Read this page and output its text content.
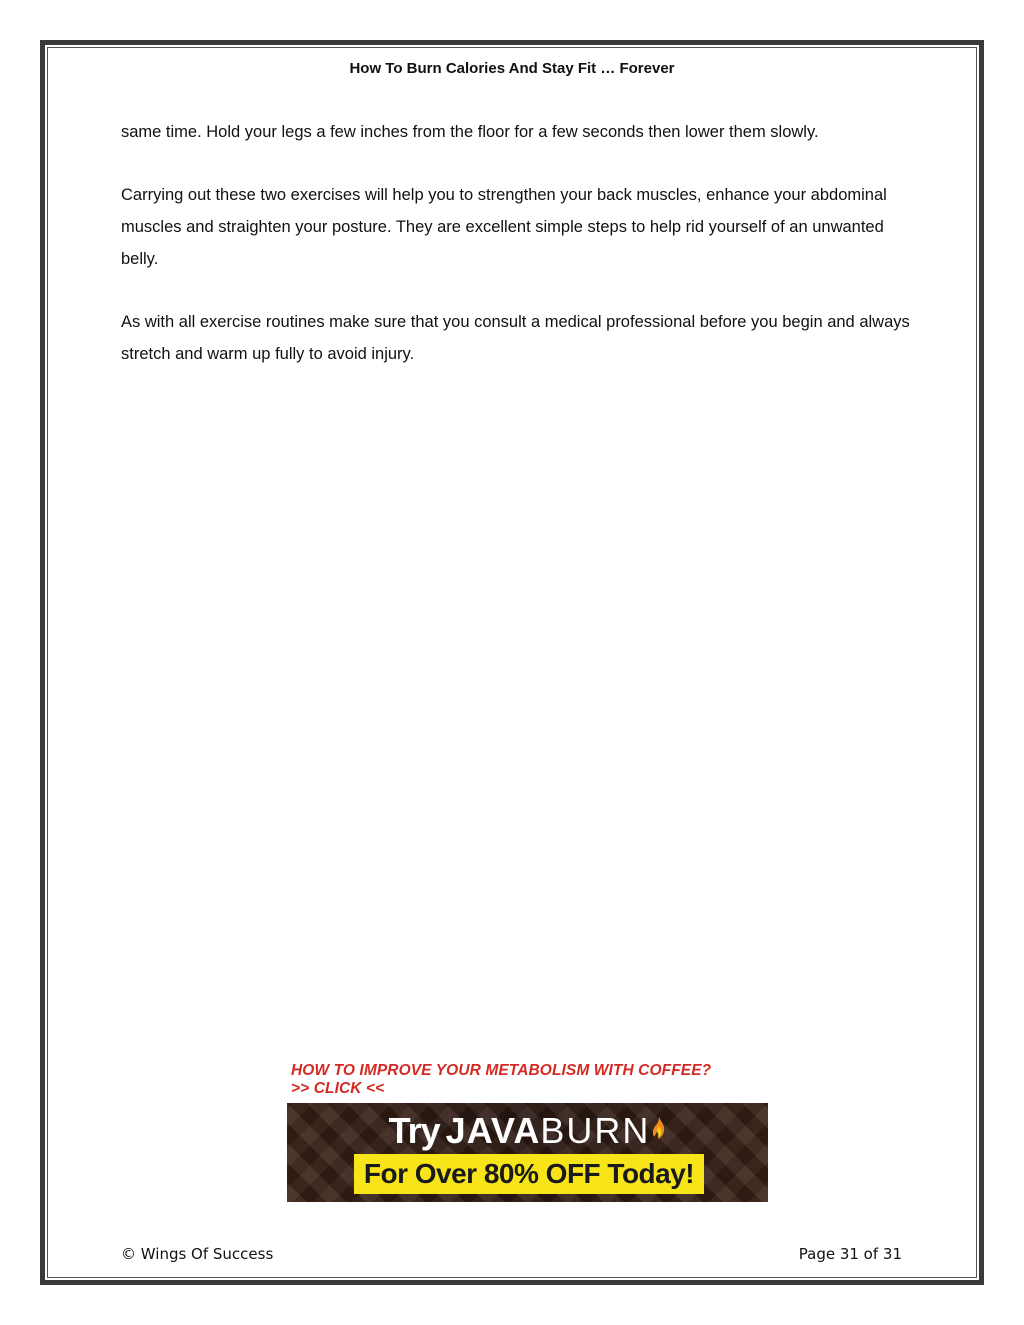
How To Burn Calories And Stay Fit … Forever

same time. Hold your legs a few inches from the floor for a few seconds then lower them slowly.

Carrying out these two exercises will help you to strengthen your back muscles, enhance your abdominal muscles and straighten your posture. They are excellent simple steps to help rid yourself of an unwanted belly.

As with all exercise routines make sure that you consult a medical professional before you begin and always stretch and warm up fully to avoid injury.

HOW TO IMPROVE YOUR METABOLISM WITH COFFEE?
>> CLICK <<
Try JAVABURN
For Over 80% OFF Today!
© Wings Of Success	Page 31 of 31
